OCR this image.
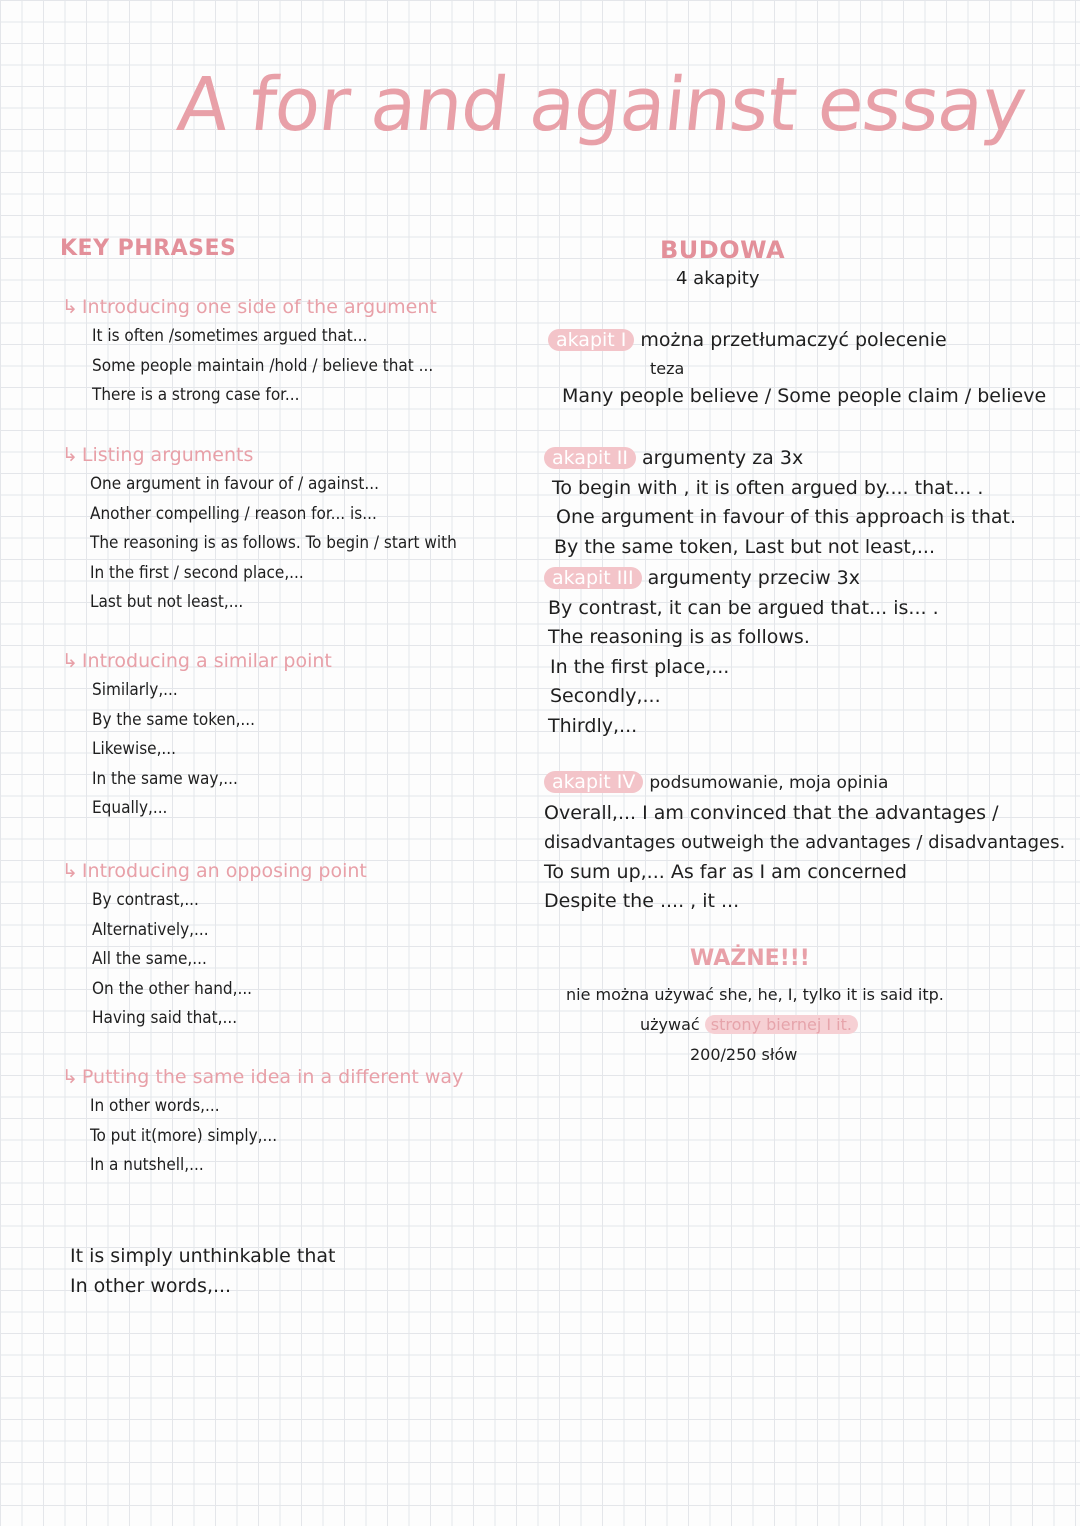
A for and against essay
KEY PHRASES
↳ Introducing one side of the argument
It is often /sometimes argued that...
Some people maintain /hold / believe that ...
There is a strong case for...
↳ Listing arguments
One argument in favour of / against...
Another compelling / reason for... is...
The reasoning is as follows. To begin / start with
In the first / second place,...
Last but not least,...
↳ Introducing a similar point
Similarly,...
By the same token,...
Likewise,...
In the same way,...
Equally,...
↳ Introducing an opposing point
By contrast,...
Alternatively,...
All the same,...
On the other hand,...
Having said that,...
↳ Putting the same idea in a different way
In other words,...
To put it(more) simply,...
In a nutshell,...
It is simply unthinkable that
In other words,...
BUDOWA
4 akapity
akapit I można przetłumaczyć polecenie
teza
Many people believe / Some people claim / believe
akapit II argumenty za 3x
To begin with , it is often argued by.... that... .
One argument in favour of this approach is that.
By the same token, Last but not least,...
akapit III argumenty przeciw 3x
By contrast, it can be argued that... is... .
The reasoning is as follows.
In the first place,...
Secondly,...
Thirdly,...
akapit IV podsumowanie, moja opinia
Overall,... I am convinced that the advantages /
disadvantages outweigh the advantages / disadvantages.
To sum up,... As far as I am concerned
Despite the .... , it ...
WAŻNE!!!
nie można używać she, he, I, tylko it is said itp.
używać strony biernej I it.
200/250 słów
